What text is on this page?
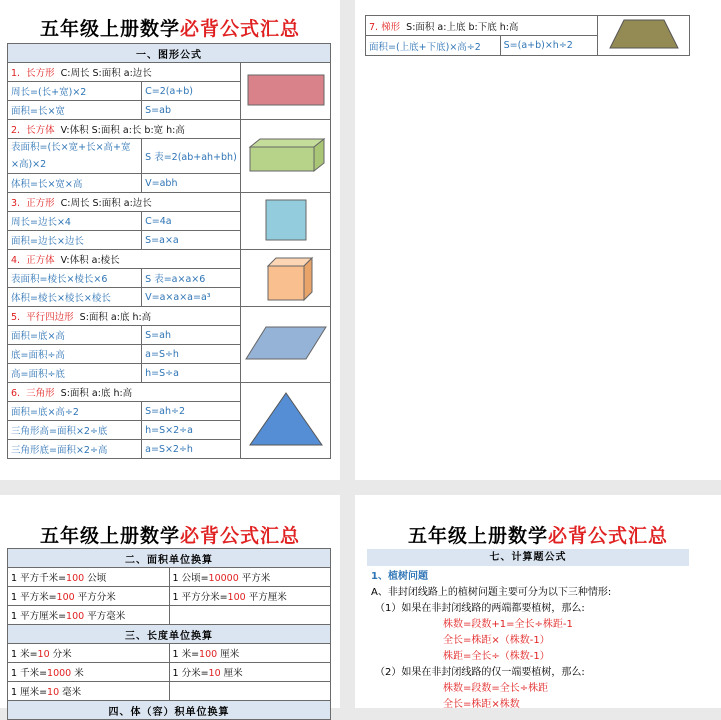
五年级上册数学必背公式汇总
一、图形公式		
1.  长方形 C:周长 S:面积 a:边长	
周长=(长+宽)×2	C=2(a+b)	
面积=长×宽	S=ab	
2.  长方体 V:体积 S:面积 a:长 b:宽 h:高	
表面积=(长×宽+长×高+宽×高)×2	S 表=2(ab+ah+bh)	
体积=长×宽×高	V=abh	
3.  正方形 C:周长 S:面积 a:边长	
周长=边长×4	C=4a	
面积=边长×边长	S=a×a	
4.  正方体 V:体积 a:棱长	
表面积=棱长×棱长×6	S 表=a×a×6	
体积=棱长×棱长×棱长	V=a×a×a=a³	
5.  平行四边形 S:面积 a:底 h:高	
面积=底×高	S=ah	
底=面积÷高	a=S÷h	
高=面积÷底	h=S÷a	
6.  三角形 S:面积 a:底 h:高	
面积=底×高÷2	S=ah÷2	
三角形高=面积×2÷底	h=S×2÷a	
三角形底=面积×2÷高	a=S×2÷h	
7. 梯形 S:面积 a:上底 b:下底 h:高	
面积=(上底+下底)×高÷2	S=(a+b)×h÷2	
五年级上册数学必背公式汇总
二、面积单位换算	
1 平方千米=100 公顷	1 公顷=10000 平方米
1 平方米=100 平方分米	1 平方分米=100 平方厘米
1 平方厘米=100 平方毫米	
三、长度单位换算	
1 米=10 分米	1 米=100 厘米
1 千米=1000 米	1 分米=10 厘米
1 厘米=10 毫米	
四、体（容）积单位换算	
五年级上册数学必背公式汇总
七、计算题公式
1、植树问题
A、非封闭线路上的植树问题主要可分为以下三种情形:
（1）如果在非封闭线路的两端都要植树，那么:
株数=段数+1=全长÷株距-1
全长=株距×（株数-1）
株距=全长÷（株数-1）
（2）如果在非封闭线路的仅一端要植树，那么:
株数=段数=全长÷株距
全长=株距×株数
